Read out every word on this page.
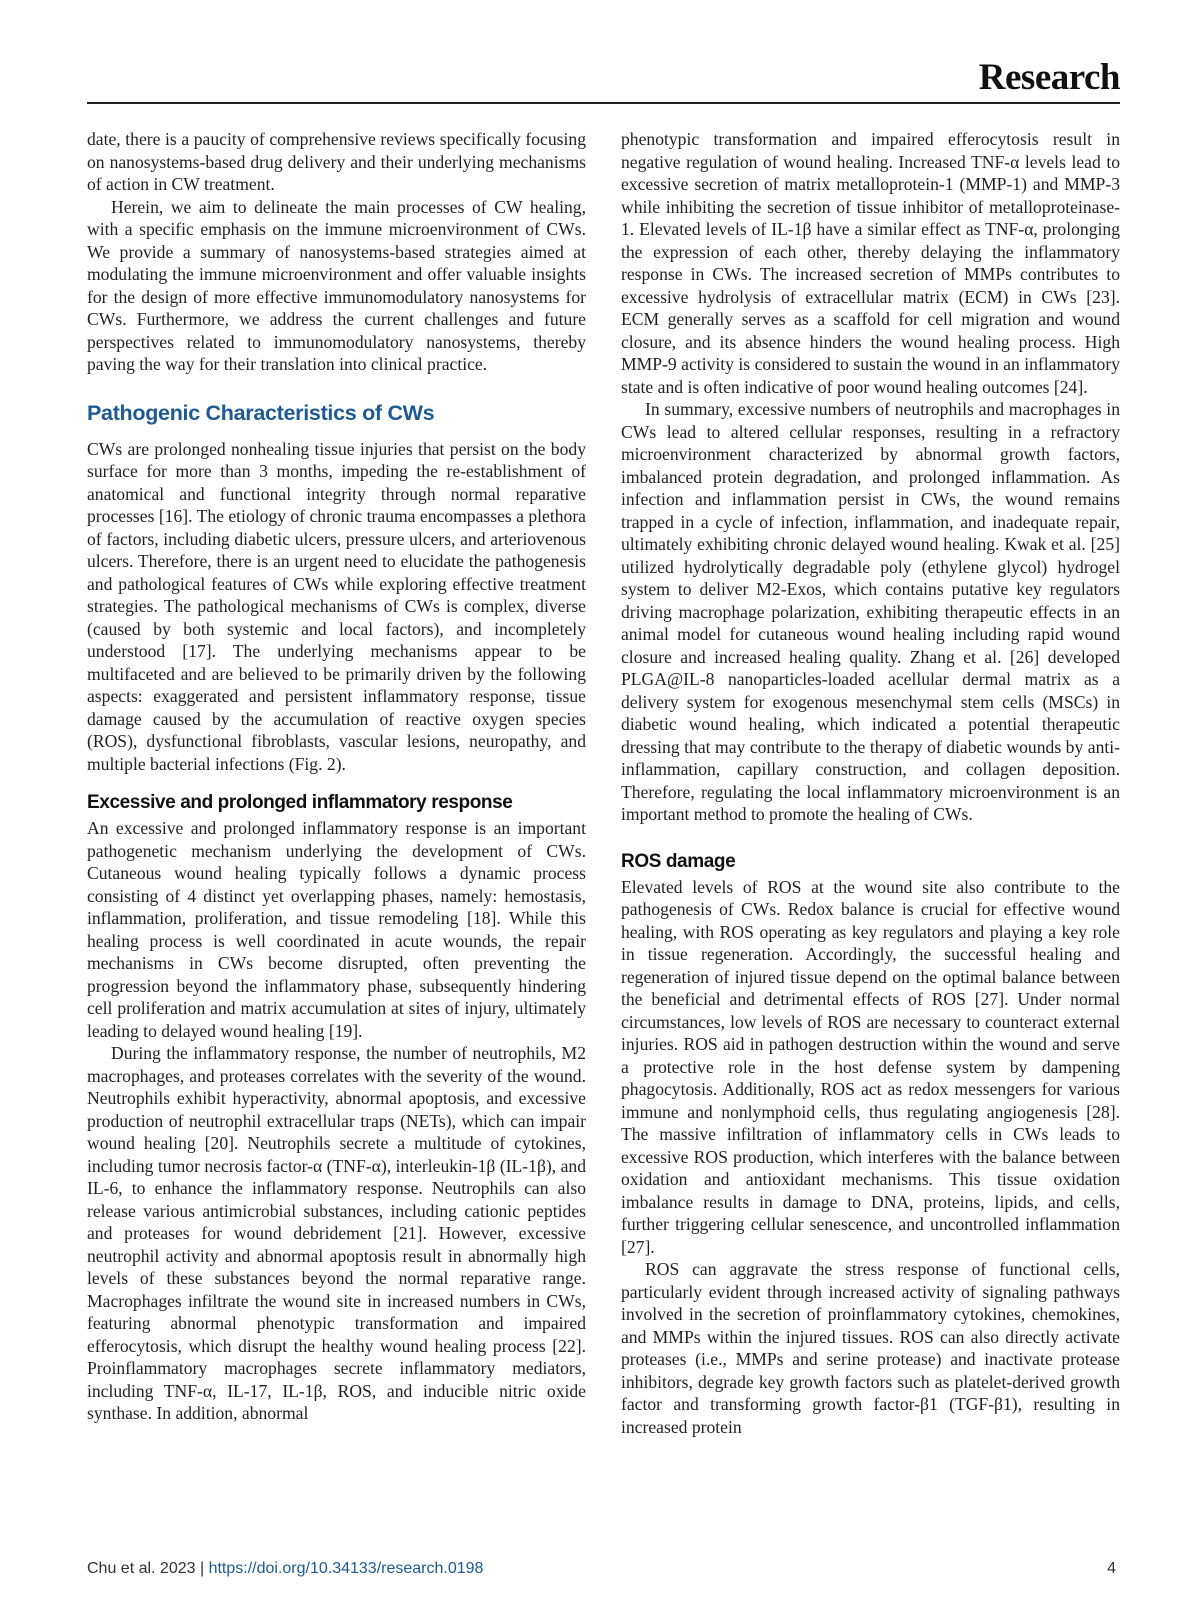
Research

date, there is a paucity of comprehensive reviews specifically focusing on nanosystems-based drug delivery and their underlying mechanisms of action in CW treatment.

Herein, we aim to delineate the main processes of CW healing, with a specific emphasis on the immune microenvironment of CWs. We provide a summary of nanosystems-based strategies aimed at modulating the immune microenvironment and offer valuable insights for the design of more effective immunomodulatory nanosystems for CWs. Furthermore, we address the current challenges and future perspectives related to immunomodulatory nanosystems, thereby paving the way for their translation into clinical practice.

Pathogenic Characteristics of CWs

CWs are prolonged nonhealing tissue injuries that persist on the body surface for more than 3 months, impeding the re-establishment of anatomical and functional integrity through normal reparative processes [16]. The etiology of chronic trauma encompasses a plethora of factors, including diabetic ulcers, pressure ulcers, and arteriovenous ulcers. Therefore, there is an urgent need to elucidate the pathogenesis and pathological features of CWs while exploring effective treatment strategies. The pathological mechanisms of CWs is complex, diverse (caused by both systemic and local factors), and incompletely understood [17]. The underlying mechanisms appear to be multifaceted and are believed to be primarily driven by the following aspects: exaggerated and persistent inflammatory response, tissue damage caused by the accumulation of reactive oxygen species (ROS), dysfunctional fibroblasts, vascular lesions, neuropathy, and multiple bacterial infections (Fig. 2).

Excessive and prolonged inflammatory response

An excessive and prolonged inflammatory response is an important pathogenetic mechanism underlying the development of CWs. Cutaneous wound healing typically follows a dynamic process consisting of 4 distinct yet overlapping phases, namely: hemostasis, inflammation, proliferation, and tissue remodeling [18]. While this healing process is well coordinated in acute wounds, the repair mechanisms in CWs become disrupted, often preventing the progression beyond the inflammatory phase, subsequently hindering cell proliferation and matrix accumulation at sites of injury, ultimately leading to delayed wound healing [19].

During the inflammatory response, the number of neutrophils, M2 macrophages, and proteases correlates with the severity of the wound. Neutrophils exhibit hyperactivity, abnormal apoptosis, and excessive production of neutrophil extracellular traps (NETs), which can impair wound healing [20]. Neutrophils secrete a multitude of cytokines, including tumor necrosis factor-α (TNF-α), interleukin-1β (IL-1β), and IL-6, to enhance the inflammatory response. Neutrophils can also release various antimicrobial substances, including cationic peptides and proteases for wound debridement [21]. However, excessive neutrophil activity and abnormal apoptosis result in abnormally high levels of these substances beyond the normal reparative range. Macrophages infiltrate the wound site in increased numbers in CWs, featuring abnormal phenotypic transformation and impaired efferocytosis, which disrupt the healthy wound healing process [22]. Proinflammatory macrophages secrete inflammatory mediators, including TNF-α, IL-17, IL-1β, ROS, and inducible nitric oxide synthase. In addition, abnormal

phenotypic transformation and impaired efferocytosis result in negative regulation of wound healing. Increased TNF-α levels lead to excessive secretion of matrix metalloprotein-1 (MMP-1) and MMP-3 while inhibiting the secretion of tissue inhibitor of metalloproteinase-1. Elevated levels of IL-1β have a similar effect as TNF-α, prolonging the expression of each other, thereby delaying the inflammatory response in CWs. The increased secretion of MMPs contributes to excessive hydrolysis of extracellular matrix (ECM) in CWs [23]. ECM generally serves as a scaffold for cell migration and wound closure, and its absence hinders the wound healing process. High MMP-9 activity is considered to sustain the wound in an inflammatory state and is often indicative of poor wound healing outcomes [24].

In summary, excessive numbers of neutrophils and macrophages in CWs lead to altered cellular responses, resulting in a refractory microenvironment characterized by abnormal growth factors, imbalanced protein degradation, and prolonged inflammation. As infection and inflammation persist in CWs, the wound remains trapped in a cycle of infection, inflammation, and inadequate repair, ultimately exhibiting chronic delayed wound healing. Kwak et al. [25] utilized hydrolytically degradable poly (ethylene glycol) hydrogel system to deliver M2-Exos, which contains putative key regulators driving macrophage polarization, exhibiting therapeutic effects in an animal model for cutaneous wound healing including rapid wound closure and increased healing quality. Zhang et al. [26] developed PLGA@IL-8 nanoparticles-loaded acellular dermal matrix as a delivery system for exogenous mesenchymal stem cells (MSCs) in diabetic wound healing, which indicated a potential therapeutic dressing that may contribute to the therapy of diabetic wounds by anti-inflammation, capillary construction, and collagen deposition. Therefore, regulating the local inflammatory microenvironment is an important method to promote the healing of CWs.

ROS damage

Elevated levels of ROS at the wound site also contribute to the pathogenesis of CWs. Redox balance is crucial for effective wound healing, with ROS operating as key regulators and playing a key role in tissue regeneration. Accordingly, the successful healing and regeneration of injured tissue depend on the optimal balance between the beneficial and detrimental effects of ROS [27]. Under normal circumstances, low levels of ROS are necessary to counteract external injuries. ROS aid in pathogen destruction within the wound and serve a protective role in the host defense system by dampening phagocytosis. Additionally, ROS act as redox messengers for various immune and nonlymphoid cells, thus regulating angiogenesis [28]. The massive infiltration of inflammatory cells in CWs leads to excessive ROS production, which interferes with the balance between oxidation and antioxidant mechanisms. This tissue oxidation imbalance results in damage to DNA, proteins, lipids, and cells, further triggering cellular senescence, and uncontrolled inflammation [27].

ROS can aggravate the stress response of functional cells, particularly evident through increased activity of signaling pathways involved in the secretion of proinflammatory cytokines, chemokines, and MMPs within the injured tissues. ROS can also directly activate proteases (i.e., MMPs and serine protease) and inactivate protease inhibitors, degrade key growth factors such as platelet-derived growth factor and transforming growth factor-β1 (TGF-β1), resulting in increased protein

Chu et al. 2023 | https://doi.org/10.34133/research.0198	4
